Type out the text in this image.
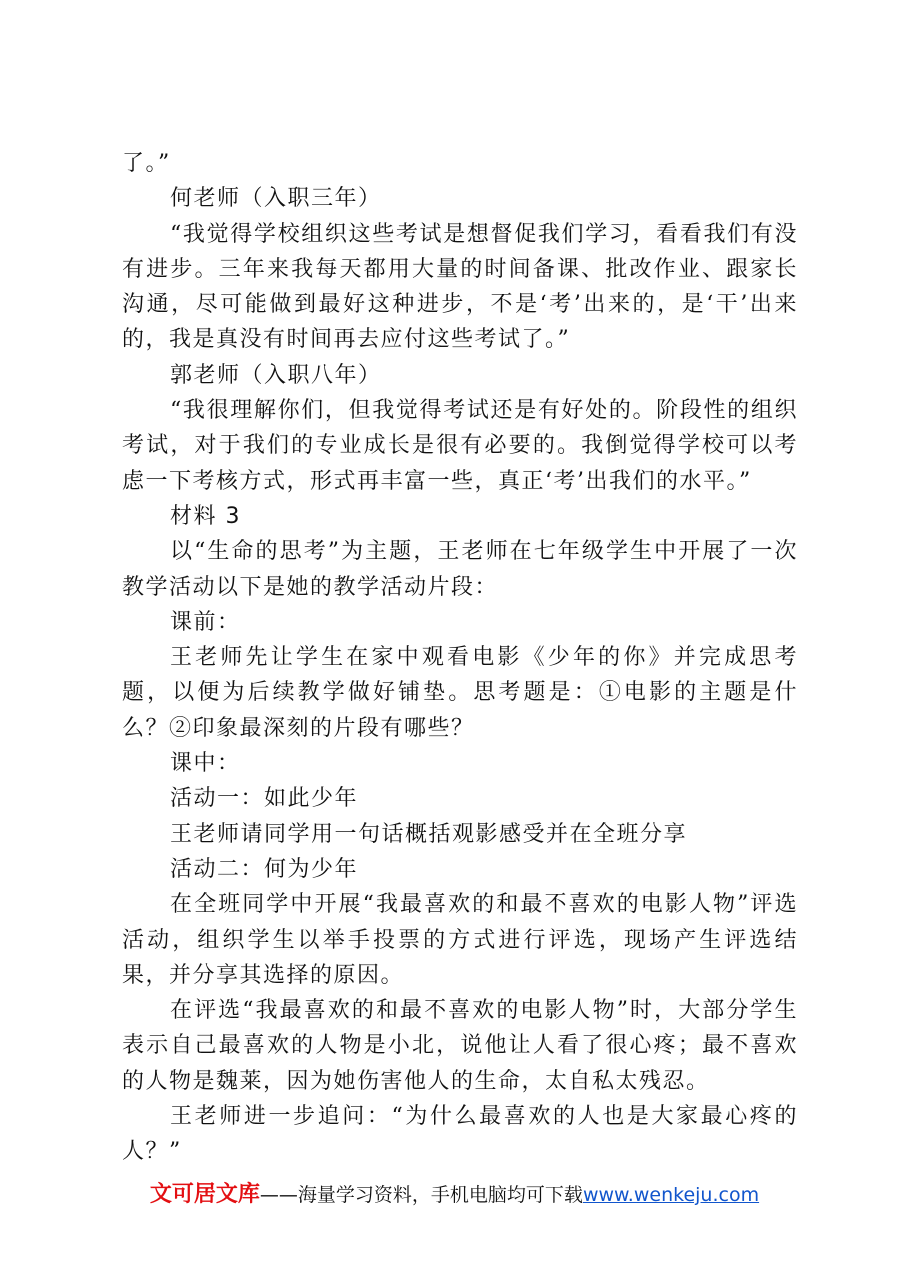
了。”

何老师（入职三年）

“我觉得学校组织这些考试是想督促我们学习，看看我们有没有进步。三年来我每天都用大量的时间备课、批改作业、跟家长沟通，尽可能做到最好这种进步，不是‘考’出来的，是‘干’出来的，我是真没有时间再去应付这些考试了。”

郭老师（入职八年）

“我很理解你们，但我觉得考试还是有好处的。阶段性的组织考试，对于我们的专业成长是很有必要的。我倒觉得学校可以考虑一下考核方式，形式再丰富一些，真正‘考’出我们的水平。”

材料 3

以“生命的思考”为主题，王老师在七年级学生中开展了一次教学活动以下是她的教学活动片段：

课前：

王老师先让学生在家中观看电影《少年的你》并完成思考题，以便为后续教学做好铺垫。思考题是：①电影的主题是什么？②印象最深刻的片段有哪些？

课中：

活动一：如此少年

王老师请同学用一句话概括观影感受并在全班分享

活动二：何为少年

在全班同学中开展“我最喜欢的和最不喜欢的电影人物”评选活动，组织学生以举手投票的方式进行评选，现场产生评选结果，并分享其选择的原因。

在评选“我最喜欢的和最不喜欢的电影人物”时，大部分学生表示自己最喜欢的人物是小北，说他让人看了很心疼；最不喜欢的人物是魏莱，因为她伤害他人的生命，太自私太残忍。

王老师进一步追问：“为什么最喜欢的人也是大家最心疼的人？”

文可居文库——海量学习资料，手机电脑均可下载www.wenkeju.com
